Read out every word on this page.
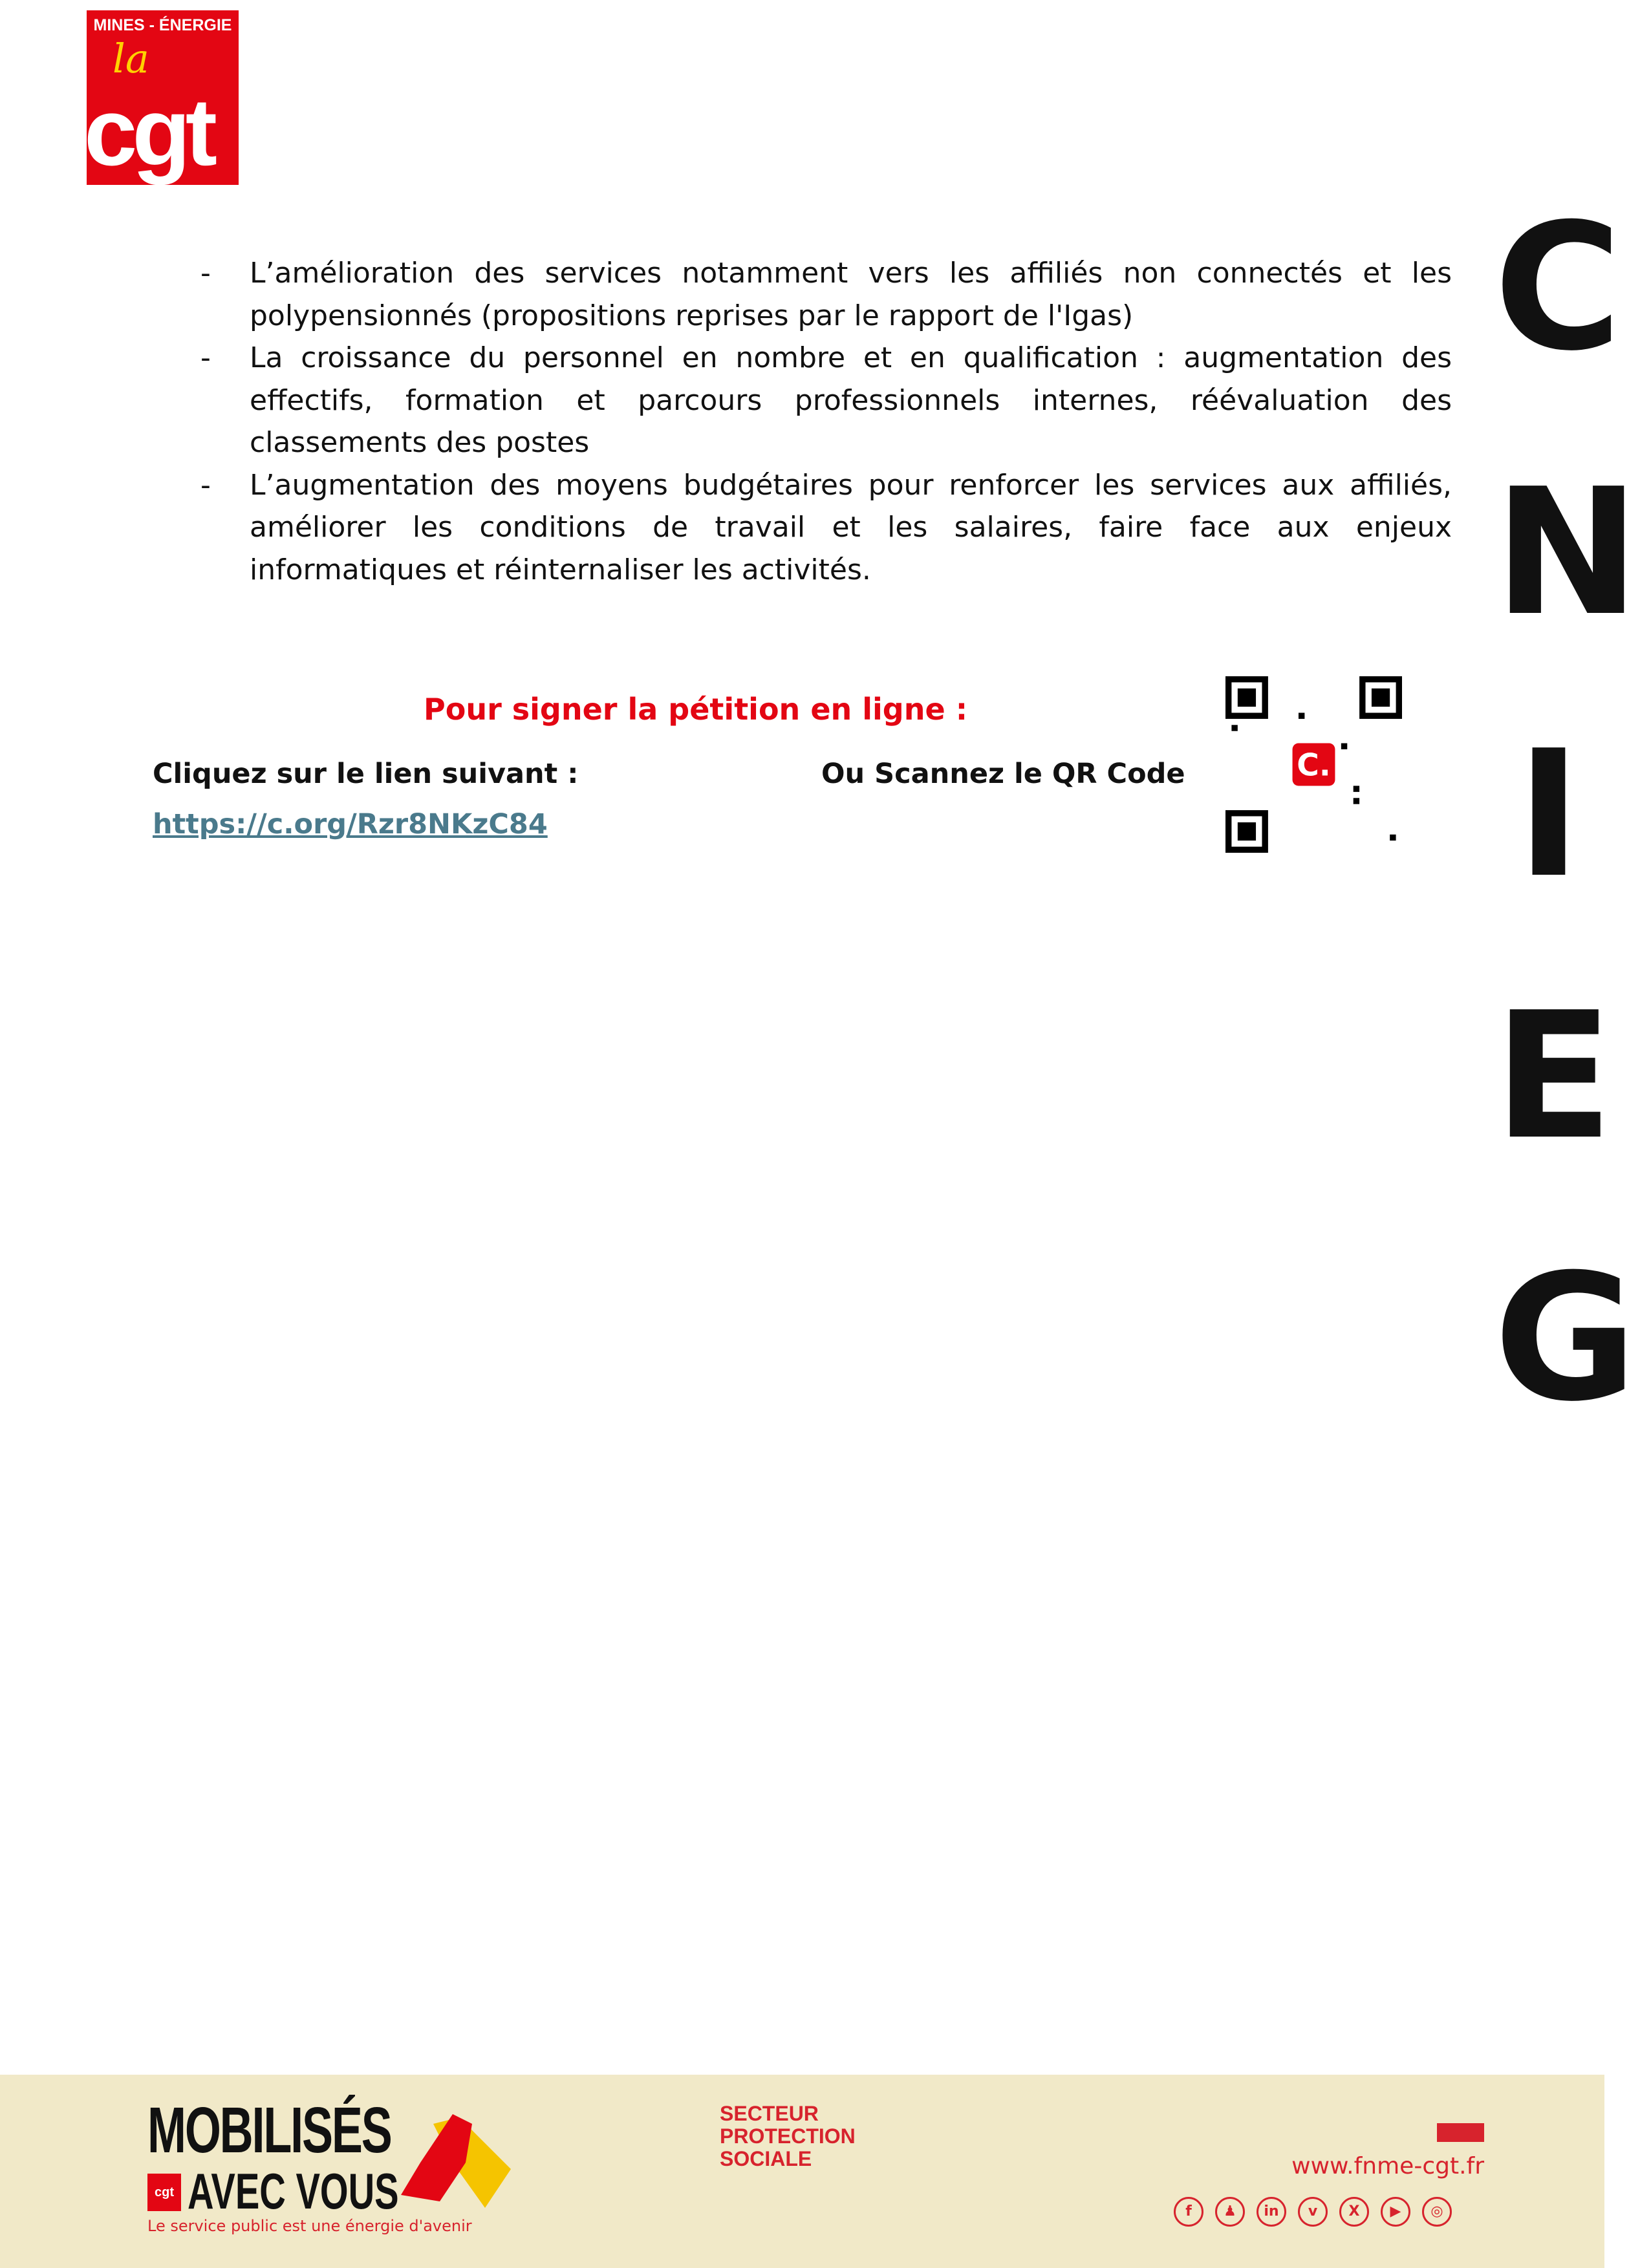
MINES - ÉNERGIE
la
cgt
-	L’amélioration des services notamment vers les affiliés non connectés et les polypensionnés (propositions reprises par le rapport de l'Igas)
-	La croissance du personnel en nombre et en qualification : augmentation des effectifs, formation et parcours professionnels internes, réévaluation des classements des postes
-	L’augmentation des moyens budgétaires pour renforcer les services aux affiliés, améliorer les conditions de travail et les salaires, faire face aux enjeux informatiques et réinternaliser les activités.
Pour signer la pétition en ligne :
Cliquez sur le lien suivant :
https://c.org/Rzr8NKzC84
Ou Scannez le QR Code	C.
C
N
I
E
G
MOBILISÉS
cgt AVEC VOUS
Le service public est une énergie d'avenir
SECTEUR
PROTECTION
SOCIALE	www.fnme-cgt.fr
f	♟	in	v	X	▶	◎
